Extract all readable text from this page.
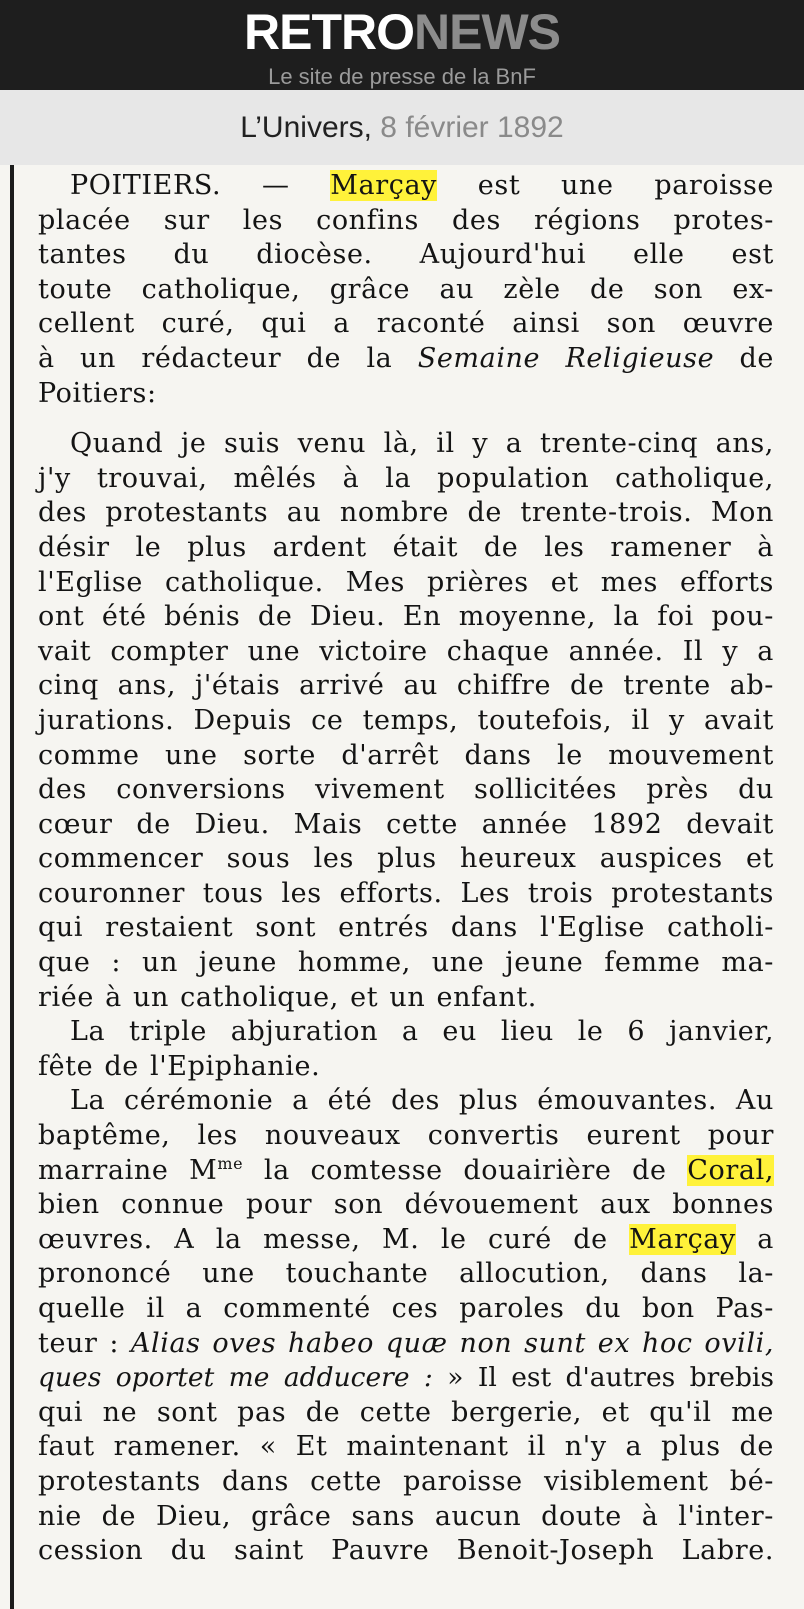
RETRONEWS
Le site de presse de la BnF
L’Univers, 8 février 1892
POITIERS. — Marçay est une paroisse
placée sur les confins des régions protes-
tantes du diocèse. Aujourd'hui elle est
toute catholique, grâce au zèle de son ex-
cellent curé, qui a raconté ainsi son œuvre
à un rédacteur de la Semaine Religieuse de
Poitiers:
Quand je suis venu là, il y a trente-cinq ans,
j'y trouvai, mêlés à la population catholique,
des protestants au nombre de trente-trois. Mon
désir le plus ardent était de les ramener à
l'Eglise catholique. Mes prières et mes efforts
ont été bénis de Dieu. En moyenne, la foi pou-
vait compter une victoire chaque année. Il y a
cinq ans, j'étais arrivé au chiffre de trente ab-
jurations. Depuis ce temps, toutefois, il y avait
comme une sorte d'arrêt dans le mouvement
des conversions vivement sollicitées près du
cœur de Dieu. Mais cette année 1892 devait
commencer sous les plus heureux auspices et
couronner tous les efforts. Les trois protestants
qui restaient sont entrés dans l'Eglise catholi-
que : un jeune homme, une jeune femme ma-
riée à un catholique, et un enfant.
La triple abjuration a eu lieu le 6 janvier,
fête de l'Epiphanie.
La cérémonie a été des plus émouvantes. Au
baptême, les nouveaux convertis eurent pour
marraine $M^{me}$ la comtesse douairière de Coral,
bien connue pour son dévouement aux bonnes
œuvres. A la messe, M. le curé de Marçay a
prononcé une touchante allocution, dans la-
quelle il a commenté ces paroles du bon Pas-
teur : Alias oves habeo quæ non sunt ex hoc ovili,
ques oportet me adducere : » Il est d'autres brebis
qui ne sont pas de cette bergerie, et qu'il me
faut ramener. « Et maintenant il n'y a plus de
protestants dans cette paroisse visiblement bé-
nie de Dieu, grâce sans aucun doute à l'inter-
cession du saint Pauvre Benoit-Joseph Labre.
